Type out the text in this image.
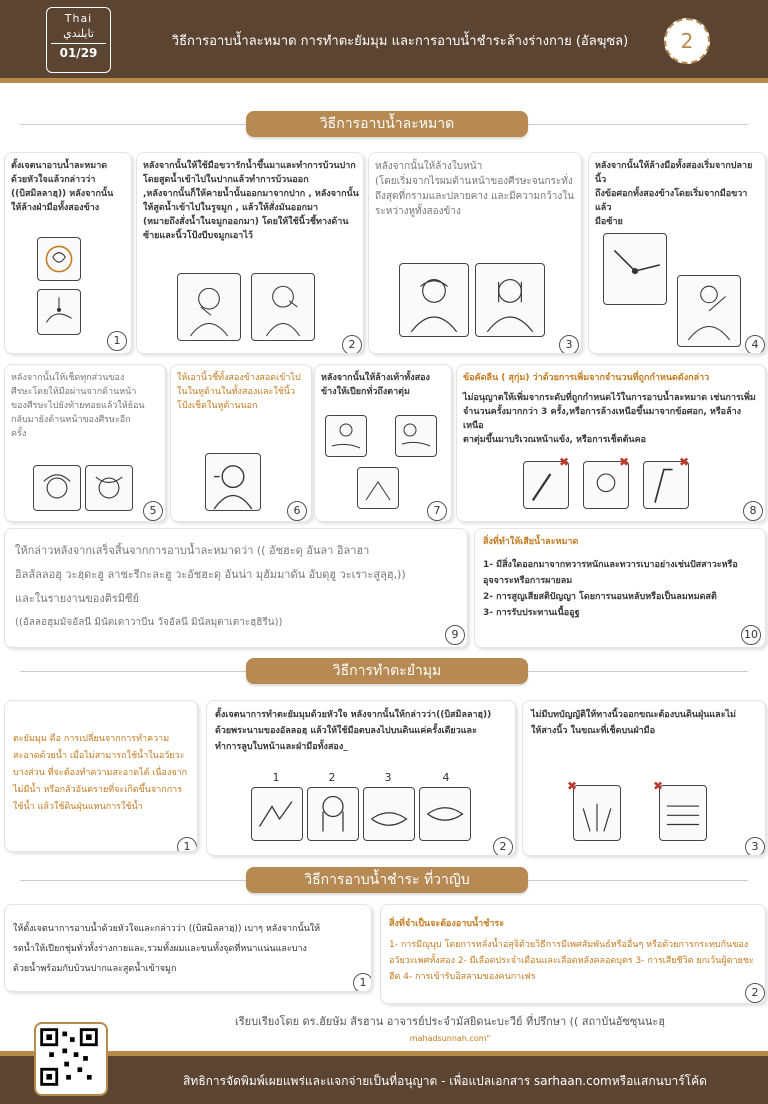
Thai
تايلندي
01/29
วิธีการอาบน้ำละหมาด การทำตะยัมมุม และการอาบน้ำชำระล้างร่างกาย (อัลฆุซล)	2
วิธีการอาบน้ำละหมาด
ตั้งเจตนาอาบน้ำละหมาด
ด้วยหัวใจแล้วกล่าวว่า
((บิสมิลลาฮฺ)) หลังจากนั้น
ให้ล้างฝ่ามือทั้งสองข้าง
1
หลังจากนั้นให้ใช้มือขวารักน้ำขึ้นมาและทำการบ้วนปาก
โดยสูดน้ำเข้าไปในปากแล้วทำการบ้วนออก
,หลังจากนั้นก็ให้คายน้ำนั้นออกมาจากปาก , หลังจากนั้น
ให้สูดน้ำเข้าไปในรูจมูก , แล้วให้สั่งมันออกมา
(หมายถึงสั่งน้ำในจมูกออกมา) โดยให้ใช้นิ้วชี้ทางด้าน
ซ้ายและนิ้วโป้งบีบจมูกเอาไว้
2
หลังจากนั้นให้ล้างใบหน้า
(โดยเริ่มจากไรผมด้านหน้าของศีรษะจนกระทั่ง
ถึงสุดที่กรามและปลายคาง และมีความกว้างใน
ระหว่างหูทั้งสองข้าง
3
หลังจากนั้นให้ล้างมือทั้งสองเริ่มจากปลายนิ้ว
ถึงข้อศอกทั้งสองข้างโดยเริ่มจากมือขวาแล้ว
มือซ้าย
4
หลังจากนั้นให้เช็ดทุกส่วนของ
ศีรษะโดยให้มือผ่านจากด้านหน้า
ของศีรษะไปยังท้ายทอยแล้วให้ย้อน
กลับมายังด้านหน้าของศีรษะอีก
ครั้ง
5
ให้เอานิ้วชี้ทั้งสองข้างสอดเข้าไป
ในในหูด้านในทั้งสองและใช้นิ้ว
โป้งเช็ดในหูด้านนอก
6
หลังจากนั้นให้ล้างเท้าทั้งสอง
ข้างให้เปียกทั่วถึงตาตุ่ม
7
ข้อคัดลีน ( สุกุ่ม) ว่าด้วยการเพิ่มจากจำนวนที่ถูกกำหนดดังกล่าว
ไม่อนุญาตให้เพิ่มจากระดับที่ถูกกำหนดไว้ในการอาบน้ำละหมาด เช่นการเพิ่ม
จำนวนครั้งมากกว่า 3 ครั้ง,หรือการล้างเหนือขึ้นมาจากข้อศอก, หรือล้างเหนือ
ตาตุ่มขึ้นมาบริเวณหน้าแข้ง, หรือการเช็ดต้นคอ
✖	✖	✖
8
ให้กล่าวหลังจากเสร็จสิ้นจากการอาบน้ำละหมาดว่า (( อัชฮะดุ อันลา อิลาฮา
อิลลัลลอฮุ วะฮฺดะฮู ลาชะรีกะละฮู วะอัชฮะดุ อันน่า มุฮัมมาดัน อับดุฮู วะเราะสูลุฮฺ,))
และในรายงานของติรมิซีย์
((อัลลอฮุมมัจอัลนี มินัตเตาวาบีน วัจอัลนี มินัลมุตาเตาะฮฺฮิรีน))
9
สิ่งที่ทำให้เสียน้ำละหมาด
1- มีสิ่งใดออกมาจากทวารหนักและทวารเบาอย่างเช่นปัสสาวะหรือ
อุจจาระหรือการผายลม
2- การสูญเสียสติปัญญา โดยการนอนหลับหรือเป็นลมหมดสติ
3- การรับประทานเนื้ออูฐ
10
วิธีการทำตะยำมุม
ตะยัมมุม คือ การเปลี่ยนจากการทำความ
สะอาดด้วยน้ำ เมื่อไม่สามารถใช้น้ำในอวัยวะ
บางส่วน ที่จะต้องทำความสะอาดได้ เนื่องจาก
ไม่มีน้ำ หรือกลัวอันตรายที่จะเกิดขึ้นจากการ
ใช้น้ำ แล้วใช้ดินฝุ่นแทนการใช้น้ำ
1
ตั้งเจตนาการทำตะยัมมุมด้วยหัวใจ หลังจากนั้นให้กล่าวว่า((บิสมิลลาฮฺ))
ด้วยพระนามของอัลลอฮฺ แล้วให้ใช้มือตบลงไปบนดินแค่ครั้งเดียวและ
ทำการลูบใบหน้าและฝ่ามือทั้งสอง_
1	2	3	4
2
ไม่มีบทบัญญัติให้ทางนิ้วออกขณะต้องบนดินฝุ่นและไม่
ให้สางนิ้ว ในขณะที่เช็ดบนฝ่ามือ
✖	✖
3
วิธีการอาบน้ำชำระ ที่วาญิบ
ให้ตั้งเจตนาการอาบน้ำด้วยหัวใจและกล่าวว่า ((บิสมิลลาฮฺ)) เบาๆ หลังจากนั้นให้
รดน้ำให้เปียกชุ่มทั่วทั้งร่างกายและ,รวมทั้งผมและขนทั้งจุดที่หนาแน่นและบาง
ด้วยน้ำพร้อมกับบ้วนปากและสูดน้ำเข้าจมูก
1
สิ่งที่จำเป็นจะต้องอาบน้ำชำระ
1- การมีญุนุบ โดยการหลั่งน้ำอสุจิด้วยวิธีการมีเพศสัมพันธ์หรืออื่นๆ หรือด้วยการกระทบกันของ
อวัยวะเพศทั้งสอง 2- มีเลือดประจำเดือนและเลือดหลังคลอดบุตร 3- การเสียชีวิต ยกเว้นผู้ตายชะ
ฮีด 4- การเข้ารับอิสลามของคนกาเฟร
2
เรียบเรียงโดย ดร.ฮัยษัม ส้รฮาน อาจารย์ประจำมัสยิดนะบะวีย์ ที่ปรึกษา (( สถาบันอัซซุนนะฮฺ
mahadsunnah.com"
สิทธิการจัดพิมพ์เผยแพร่และแจกจ่ายเป็นที่อนุญาต - เพื่อแปลเอกสาร sarhaan.comหรือแสกนบาร์โค้ด
